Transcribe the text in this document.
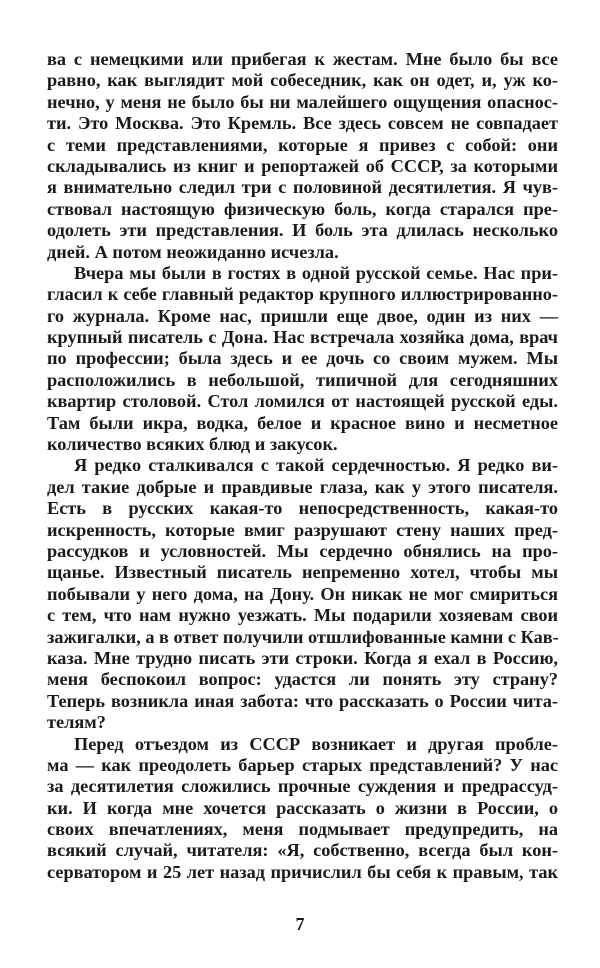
ва с немецкими или прибегая к жестам. Мне было бы все
равно, как выглядит мой собеседник, как он одет, и, уж ко-
нечно, у меня не было бы ни малейшего ощущения опаснос-
ти. Это Москва. Это Кремль. Все здесь совсем не совпадает
с теми представлениями, которые я привез с собой: они
складывались из книг и репортажей об СССР, за которыми
я внимательно следил три с половиной десятилетия. Я чув-
ствовал настоящую физическую боль, когда старался пре-
одолеть эти представления. И боль эта длилась несколько
дней. А потом неожиданно исчезла.
Вчера мы были в гостях в одной русской семье. Нас при-
гласил к себе главный редактор крупного иллюстрированно-
го журнала. Кроме нас, пришли еще двое, один из них —
крупный писатель с Дона. Нас встречала хозяйка дома, врач
по профессии; была здесь и ее дочь со своим мужем. Мы
расположились в небольшой, типичной для сегодняшних
квартир столовой. Стол ломился от настоящей русской еды.
Там были икра, водка, белое и красное вино и несметное
количество всяких блюд и закусок.
Я редко сталкивался с такой сердечностью. Я редко ви-
дел такие добрые и правдивые глаза, как у этого писателя.
Есть в русских какая-то непосредственность, какая-то
искренность, которые вмиг разрушают стену наших пред-
рассудков и условностей. Мы сердечно обнялись на про-
щанье. Известный писатель непременно хотел, чтобы мы
побывали у него дома, на Дону. Он никак не мог смириться
с тем, что нам нужно уезжать. Мы подарили хозяевам свои
зажигалки, а в ответ получили отшлифованные камни с Кав-
каза. Мне трудно писать эти строки. Когда я ехал в Россию,
меня беспокоил вопрос: удастся ли понять эту страну?
Теперь возникла иная забота: что рассказать о России чита-
телям?
Перед отъездом из СССР возникает и другая пробле-
ма — как преодолеть барьер старых представлений? У нас
за десятилетия сложились прочные суждения и предрассуд-
ки. И когда мне хочется рассказать о жизни в России, о
своих впечатлениях, меня подмывает предупредить, на
всякий случай, читателя: «Я, собственно, всегда был кон-
серватором и 25 лет назад причислил бы себя к правым, так
7
